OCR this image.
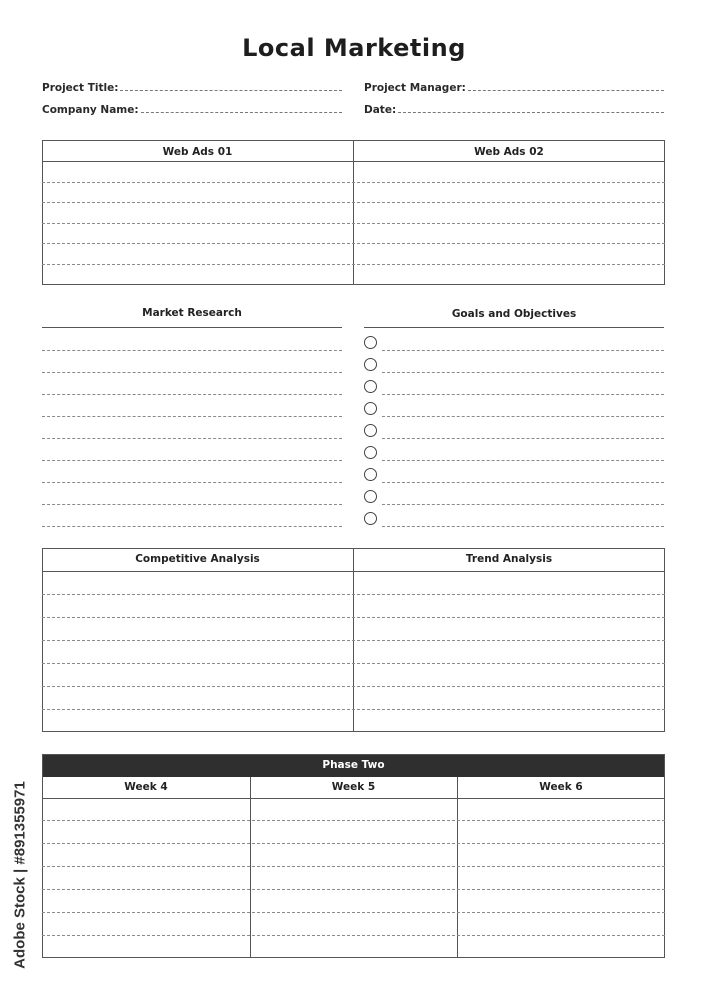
Local Marketing
Project Title:
Company Name:
Project Manager:
Date:
Web Ads 01	Web Ads 02
Market Research	Goals and Objectives
Competitive Analysis	Trend Analysis
Phase Two
Week 4	Week 5	Week 6
Adobe Stock | #891355971
